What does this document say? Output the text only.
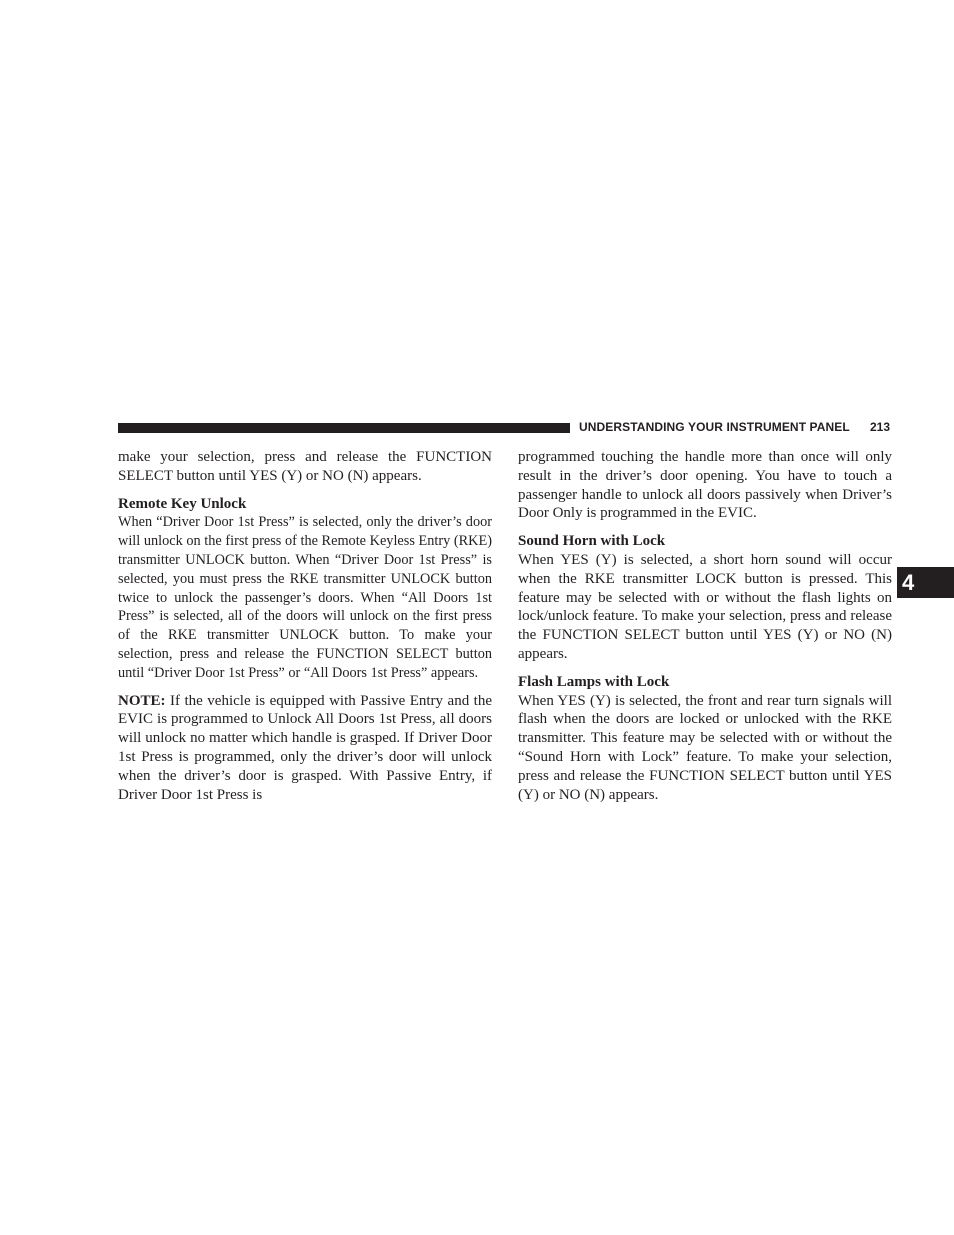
UNDERSTANDING YOUR INSTRUMENT PANEL 213
4

make your selection, press and release the FUNCTION SELECT button until YES (Y) or NO (N) appears.

Remote Key Unlock

When “Driver Door 1st Press” is selected, only the driver’s door will unlock on the first press of the Remote Keyless Entry (RKE) transmitter UNLOCK button. When “Driver Door 1st Press” is selected, you must press the RKE transmitter UNLOCK button twice to unlock the passenger’s doors. When “All Doors 1st Press” is selected, all of the doors will unlock on the first press of the RKE transmitter UNLOCK button. To make your selection, press and release the FUNCTION SELECT button until “Driver Door 1st Press” or “All Doors 1st Press” appears.

NOTE: If the vehicle is equipped with Passive Entry and the EVIC is programmed to Unlock All Doors 1st Press, all doors will unlock no matter which handle is grasped. If Driver Door 1st Press is programmed, only the driver’s door will unlock when the driver’s door is grasped. With Passive Entry, if Driver Door 1st Press is

programmed touching the handle more than once will only result in the driver’s door opening. You have to touch a passenger handle to unlock all doors passively when Driver’s Door Only is programmed in the EVIC.

Sound Horn with Lock

When YES (Y) is selected, a short horn sound will occur when the RKE transmitter LOCK button is pressed. This feature may be selected with or without the flash lights on lock/unlock feature. To make your selection, press and release the FUNCTION SELECT button until YES (Y) or NO (N) appears.

Flash Lamps with Lock

When YES (Y) is selected, the front and rear turn signals will flash when the doors are locked or unlocked with the RKE transmitter. This feature may be selected with or without the “Sound Horn with Lock” feature. To make your selection, press and release the FUNCTION SELECT button until YES (Y) or NO (N) appears.
